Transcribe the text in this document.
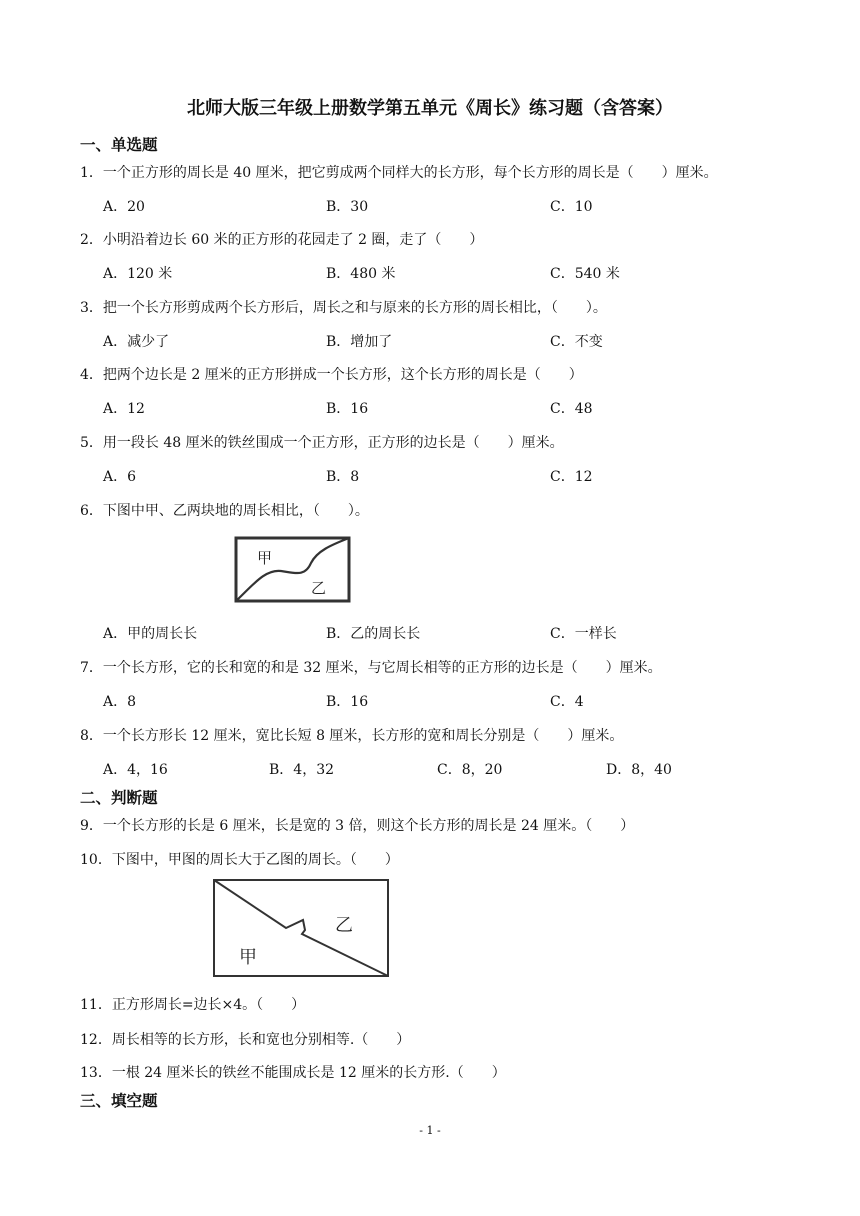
北师大版三年级上册数学第五单元《周长》练习题（含答案）
一、单选题
1．一个正方形的周长是 40 厘米，把它剪成两个同样大的长方形，每个长方形的周长是（　　）厘米。
A．20	B．30	C．10
2．小明沿着边长 60 米的正方形的花园走了 2 圈，走了（　　）
A．120 米	B．480 米	C．540 米
3．把一个长方形剪成两个长方形后，周长之和与原来的长方形的周长相比，（　　）。
A．减少了	B．增加了	C．不变
4．把两个边长是 2 厘米的正方形拼成一个长方形，这个长方形的周长是（　　）
A．12	B．16	C．48
5．用一段长 48 厘米的铁丝围成一个正方形，正方形的边长是（　　）厘米。
A．6	B．8	C．12
6．下图中甲、乙两块地的周长相比，（　　）。
甲
乙
A．甲的周长长	B．乙的周长长	C．一样长
7．一个长方形，它的长和宽的和是 32 厘米，与它周长相等的正方形的边长是（　　）厘米。
A．8	B．16	C．4
8．一个长方形长 12 厘米，宽比长短 8 厘米，长方形的宽和周长分别是（　　）厘米。
A．4，16	B．4，32	C．8，20	D．8，40
二、判断题
9．一个长方形的长是 6 厘米，长是宽的 3 倍，则这个长方形的周长是 24 厘米。（　　）
10．下图中，甲图的周长大于乙图的周长。（　　）
乙
甲
11．正方形周长=边长×4。（　　）
12．周长相等的长方形，长和宽也分别相等.（　　）
13．一根 24 厘米长的铁丝不能围成长是 12 厘米的长方形.（　　）
三、填空题
- 1 -
